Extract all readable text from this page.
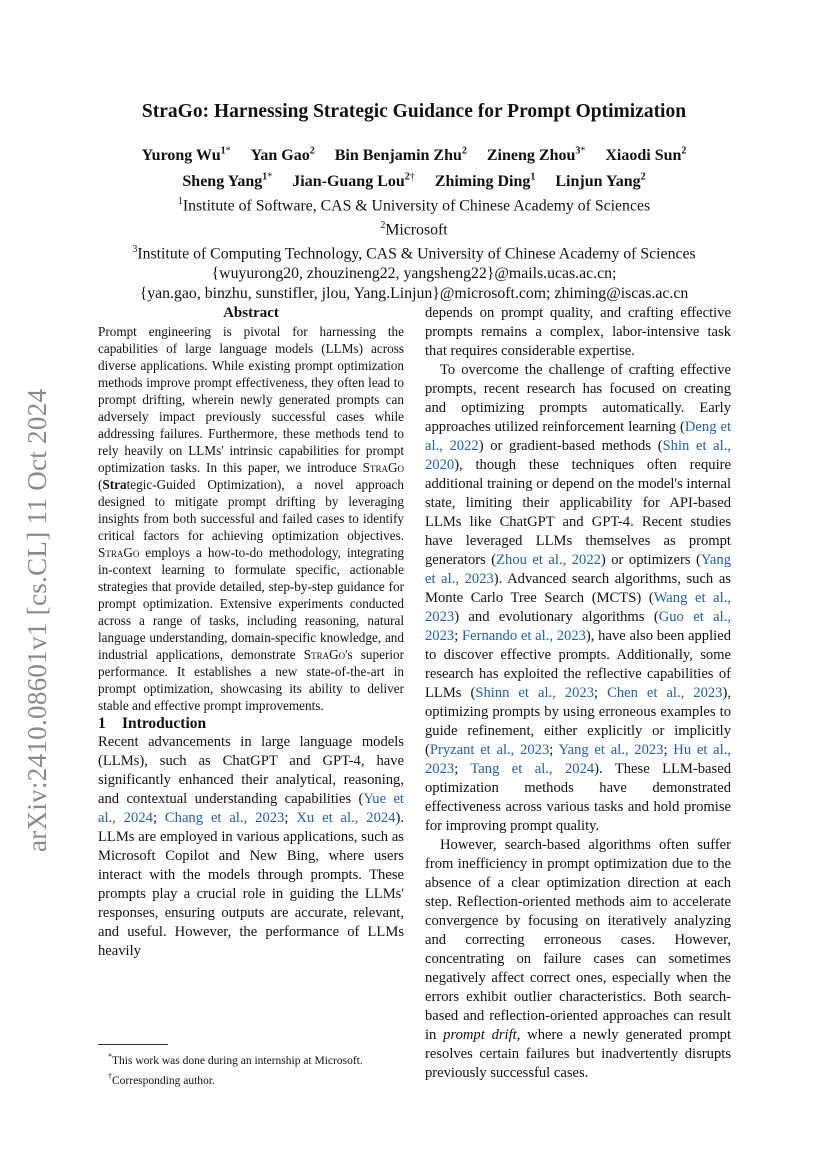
arXiv:2410.08601v1 [cs.CL] 11 Oct 2024
StraGo: Harnessing Strategic Guidance for Prompt Optimization
Yurong $Wu^{1*}$ Yan Gao$^2$ Bin Benjamin Zhu$^2$ Zineng Zhou$^{3*}$ Xiaodi Sun$^2$
Sheng Yang$^{1*}$ Jian-Guang Lou$^{2\dagger}$ Zhiming Ding$^1$ Linjun Yang$^2$
$^1$Institute of Software, CAS & University of Chinese Academy of Sciences
$^2$Microsoft
$^3$Institute of Computing Technology, CAS & University of Chinese Academy of Sciences
{wuyurong20, zhouzineng22, yangsheng22}@mails.ucas.ac.cn;
{yan.gao, binzhu, sunstifler, jlou, Yang.Linjun}@microsoft.com; zhiming@iscas.ac.cn

Abstract

Prompt engineering is pivotal for harnessing the capabilities of large language models (LLMs) across diverse applications. While existing prompt optimization methods improve prompt effectiveness, they often lead to prompt drifting, wherein newly generated prompts can adversely impact previously successful cases while addressing failures. Furthermore, these methods tend to rely heavily on LLMs' intrinsic capabilities for prompt optimization tasks. In this paper, we introduce StraGo (Strategic-Guided Optimization), a novel approach designed to mitigate prompt drifting by leveraging insights from both successful and failed cases to identify critical factors for achieving optimization objectives. StraGo employs a how-to-do methodology, integrating in-context learning to formulate specific, actionable strategies that provide detailed, step-by-step guidance for prompt optimization. Extensive experiments conducted across a range of tasks, including reasoning, natural language understanding, domain-specific knowledge, and industrial applications, demonstrate StraGo's superior performance. It establishes a new state-of-the-art in prompt optimization, showcasing its ability to deliver stable and effective prompt improvements.

1 Introduction

Recent advancements in large language models (LLMs), such as ChatGPT and GPT-4, have significantly enhanced their analytical, reasoning, and contextual understanding capabilities (Yue et al., 2024; Chang et al., 2023; Xu et al., 2024). LLMs are employed in various applications, such as Microsoft Copilot and New Bing, where users interact with the models through prompts. These prompts play a crucial role in guiding the LLMs' responses, ensuring outputs are accurate, relevant, and useful. However, the performance of LLMs heavily

*This work was done during an internship at Microsoft.

†Corresponding author.

depends on prompt quality, and crafting effective prompts remains a complex, labor-intensive task that requires considerable expertise.

To overcome the challenge of crafting effective prompts, recent research has focused on creating and optimizing prompts automatically. Early approaches utilized reinforcement learning (Deng et al., 2022) or gradient-based methods (Shin et al., 2020), though these techniques often require additional training or depend on the model's internal state, limiting their applicability for API-based LLMs like ChatGPT and GPT-4. Recent studies have leveraged LLMs themselves as prompt generators (Zhou et al., 2022) or optimizers (Yang et al., 2023). Advanced search algorithms, such as Monte Carlo Tree Search (MCTS) (Wang et al., 2023) and evolutionary algorithms (Guo et al., 2023; Fernando et al., 2023), have also been applied to discover effective prompts. Additionally, some research has exploited the reflective capabilities of LLMs (Shinn et al., 2023; Chen et al., 2023), optimizing prompts by using erroneous examples to guide refinement, either explicitly or implicitly (Pryzant et al., 2023; Yang et al., 2023; Hu et al., 2023; Tang et al., 2024). These LLM-based optimization methods have demonstrated effectiveness across various tasks and hold promise for improving prompt quality.

However, search-based algorithms often suffer from inefficiency in prompt optimization due to the absence of a clear optimization direction at each step. Reflection-oriented methods aim to accelerate convergence by focusing on iteratively analyzing and correcting erroneous cases. However, concentrating on failure cases can sometimes negatively affect correct ones, especially when the errors exhibit outlier characteristics. Both search-based and reflection-oriented approaches can result in prompt drift, where a newly generated prompt resolves certain failures but inadvertently disrupts previously successful cases.
